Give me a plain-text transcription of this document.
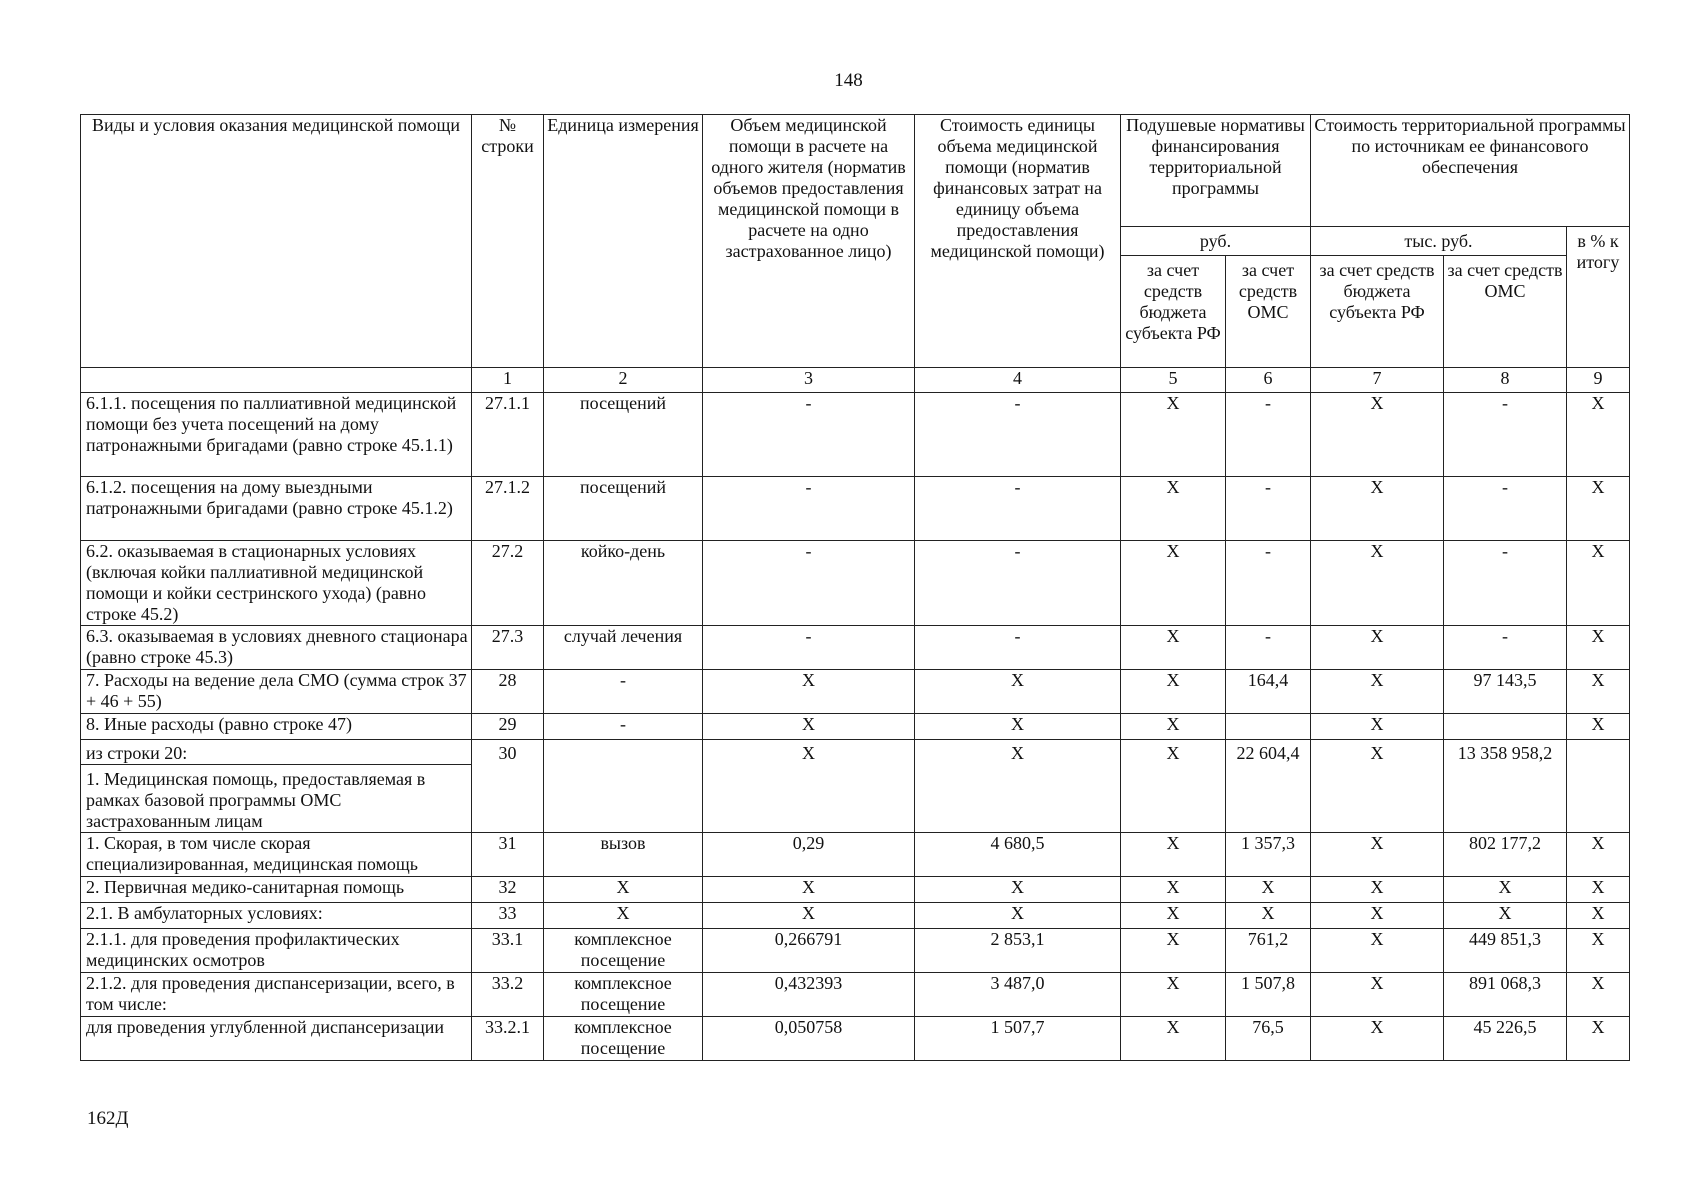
148
Виды и условия оказания медицинской помощи	№ строки	Единица измерения	Объем медицинской помощи в расчете на одного жителя (норматив объемов предоставления медицинской помощи в расчете на одно застрахованное лицо)	Стоимость единицы объема медицинской помощи (норматив финансовых затрат на единицу объема предоставления медицинской помощи)	Подушевые нормативы финансирования территориальной программы		Стоимость территориальной программы по источникам ее финансового обеспечения		
					руб.		тыс. руб.		в % к итогу
					за счет средств бюджета субъекта РФ	за счет средств ОМС	за счет средств бюджета субъекта РФ	за счет средств ОМС	
	1	2	3	4	5	6	7	8	9
6.1.1. посещения по паллиативной медицинской помощи без учета посещений на дому патронажными бригадами (равно строке 45.1.1)	27.1.1	посещений	-	-	X	-	X	-	X
6.1.2. посещения на дому выездными патронажными бригадами (равно строке 45.1.2)	27.1.2	посещений	-	-	X	-	X	-	X
6.2. оказываемая в стационарных условиях (включая койки паллиативной медицинской помощи и койки сестринского ухода) (равно строке 45.2)	27.2	койко-день	-	-	X	-	X	-	X
6.3. оказываемая в условиях дневного стационара (равно строке 45.3)	27.3	случай лечения	-	-	X	-	X	-	X
7. Расходы на ведение дела СМО (сумма строк 37 + 46 + 55)	28	-	X	X	X	164,4	X	97 143,5	X
8. Иные расходы (равно строке 47)	29	-	X	X	X		X		X
из строки 20:	30		X	X	X	22 604,4	X	13 358 958,2	
1. Медицинская помощь, предоставляемая в рамках базовой программы ОМС застрахованным лицам									
1. Скорая, в том числе скорая специализированная, медицинская помощь	31	вызов	0,29	4 680,5	X	1 357,3	X	802 177,2	X
2. Первичная медико-санитарная помощь	32	X	X	X	X	X	X	X	X
2.1. В амбулаторных условиях:	33	X	X	X	X	X	X	X	X
2.1.1. для проведения профилактических медицинских осмотров	33.1	комплексное посещение	0,266791	2 853,1	X	761,2	X	449 851,3	X
2.1.2. для проведения диспансеризации, всего, в том числе:	33.2	комплексное посещение	0,432393	3 487,0	X	1 507,8	X	891 068,3	X
для проведения углубленной диспансеризации	33.2.1	комплексное посещение	0,050758	1 507,7	X	76,5	X	45 226,5	X
162Д
